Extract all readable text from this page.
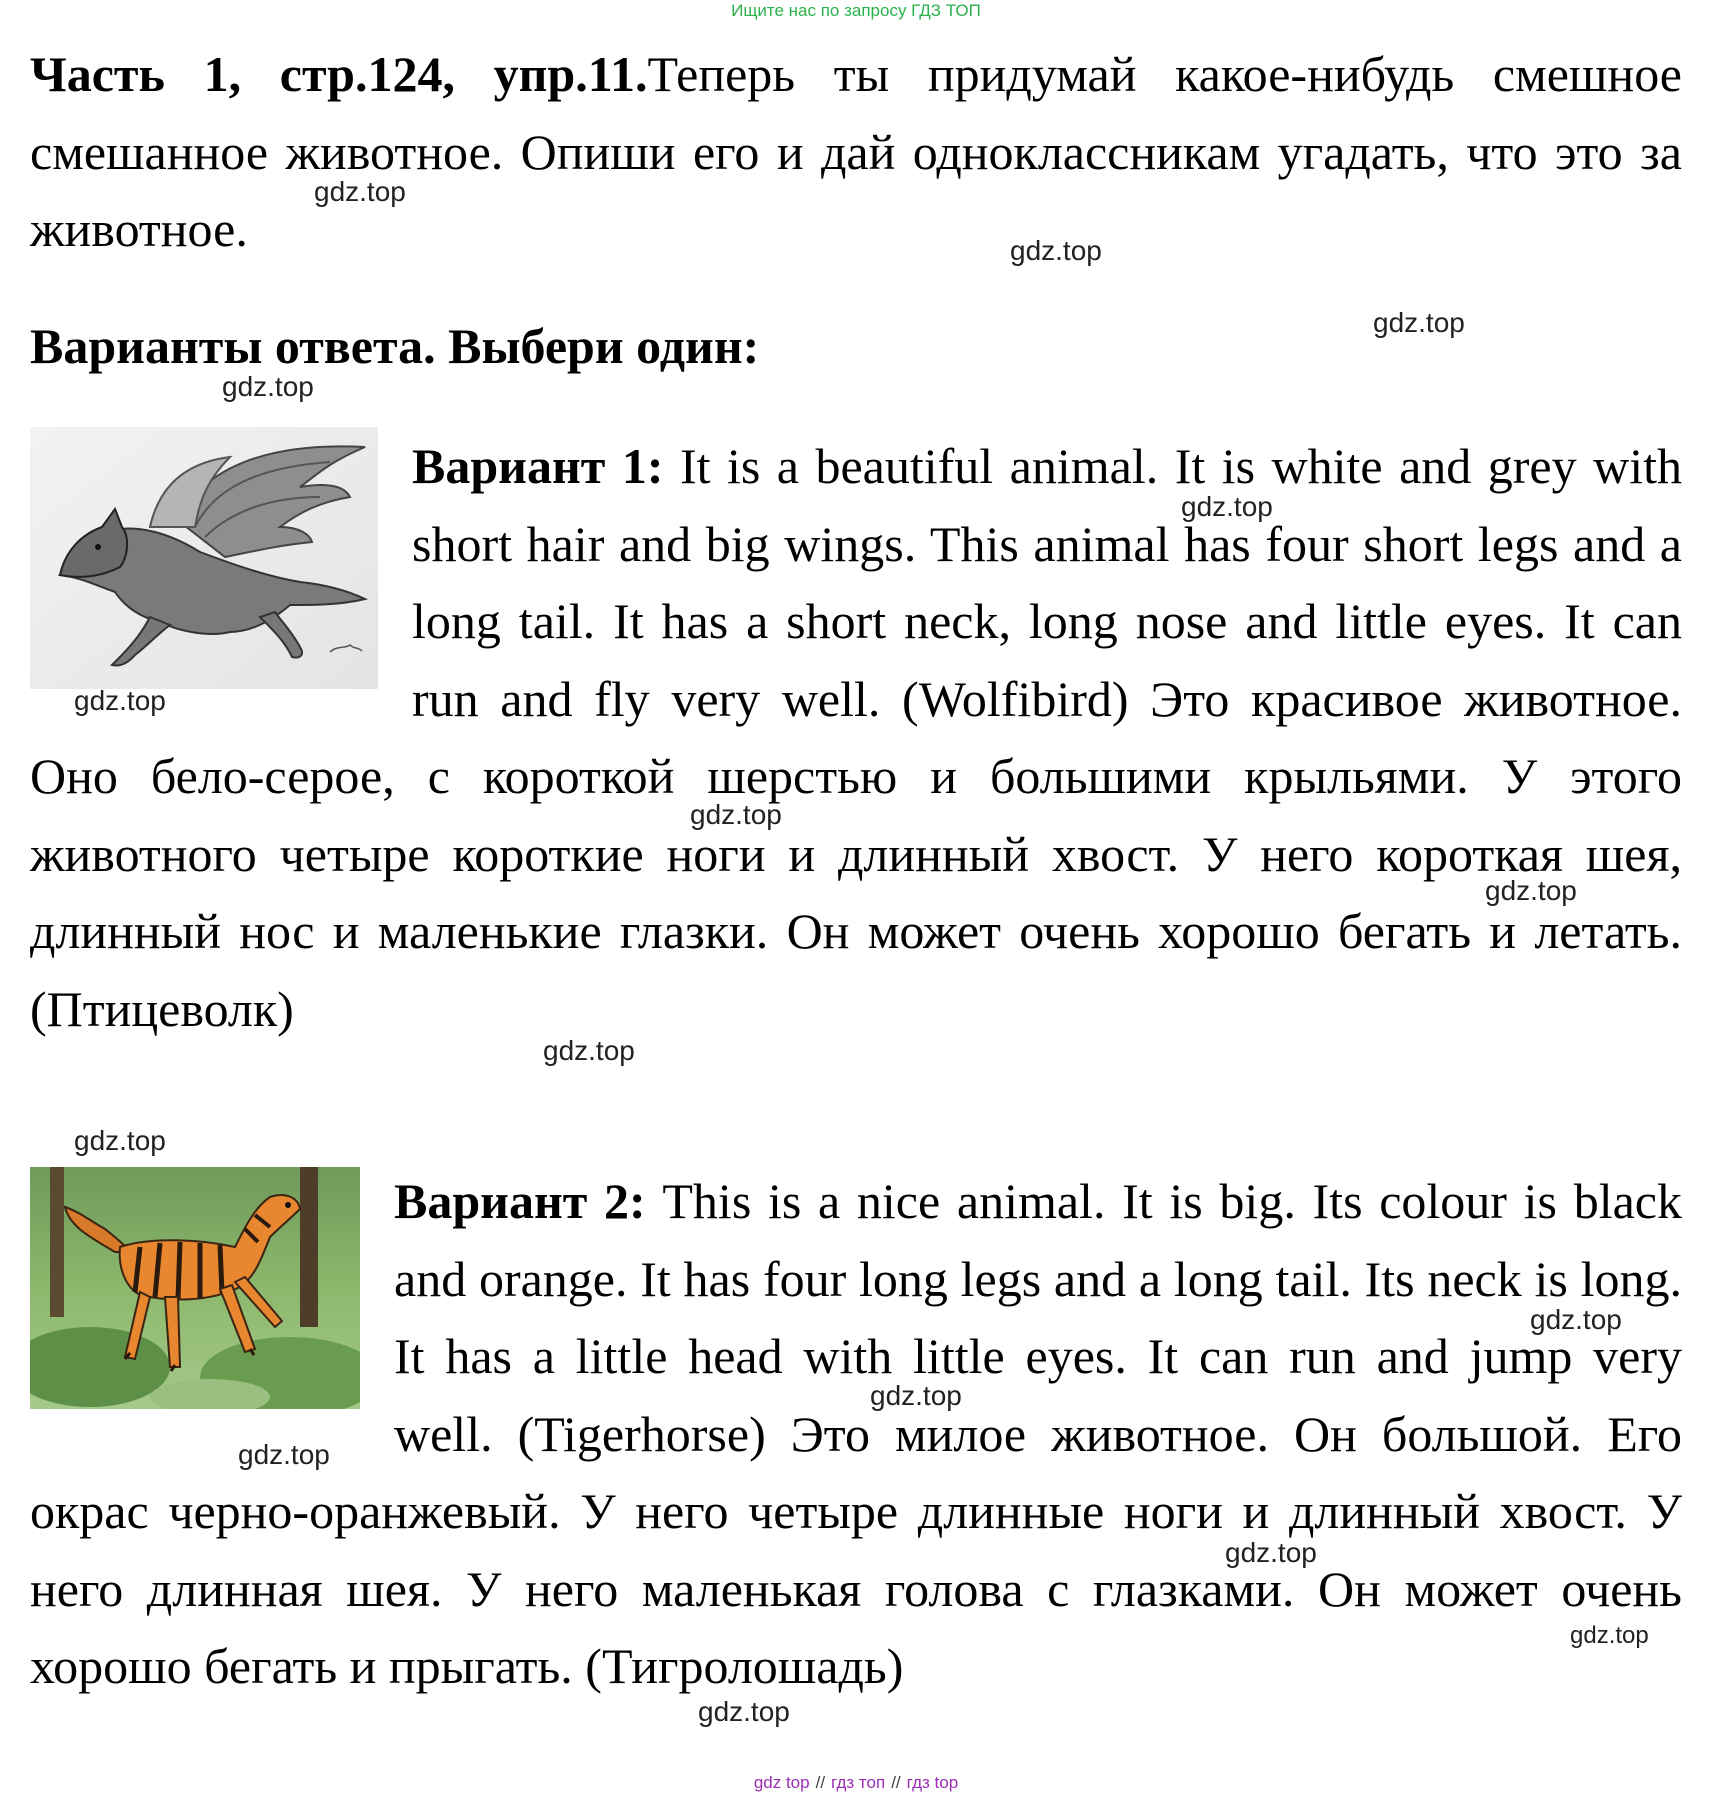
Ищите нас по запросу ГДЗ ТОП
Часть 1, стр.124, упр.11.Теперь ты придумай какое-нибудь смешное смешанное животное. Опиши его и дай одноклассникам угадать, что это за животное.
Варианты ответа. Выбери один:
Вариант 1: It is a beautiful animal. It is white and grey with short hair and big wings. This animal has four short legs and a long tail. It has a short neck, long nose and little eyes. It can run and fly very well. (Wolfibird) Это красивое животное. Оно бело-серое, с короткой шерстью и большими крыльями. У этого животного четыре короткие ноги и длинный хвост. У него короткая шея, длинный нос и маленькие глазки. Он может очень хорошо бегать и летать. (Птицеволк)
Вариант 2: This is a nice animal. It is big. Its colour is black and orange. It has four long legs and a long tail. Its neck is long. It has a little head with little eyes. It can run and jump very well. (Tigerhorse) Это милое животное. Он большой. Его окрас черно-оранжевый. У него четыре длинные ноги и длинный хвост. У него длинная шея. У него маленькая голова с глазками. Он может очень хорошо бегать и прыгать. (Тигролошадь)
gdz.top
gdz.top
gdz.top
gdz.top
gdz.top
gdz.top
gdz.top
gdz.top
gdz.top
gdz.top
gdz.top
gdz.top
gdz.top
gdz.top
gdz.top
gdz.top
gdz top // гдз топ // гдз top
